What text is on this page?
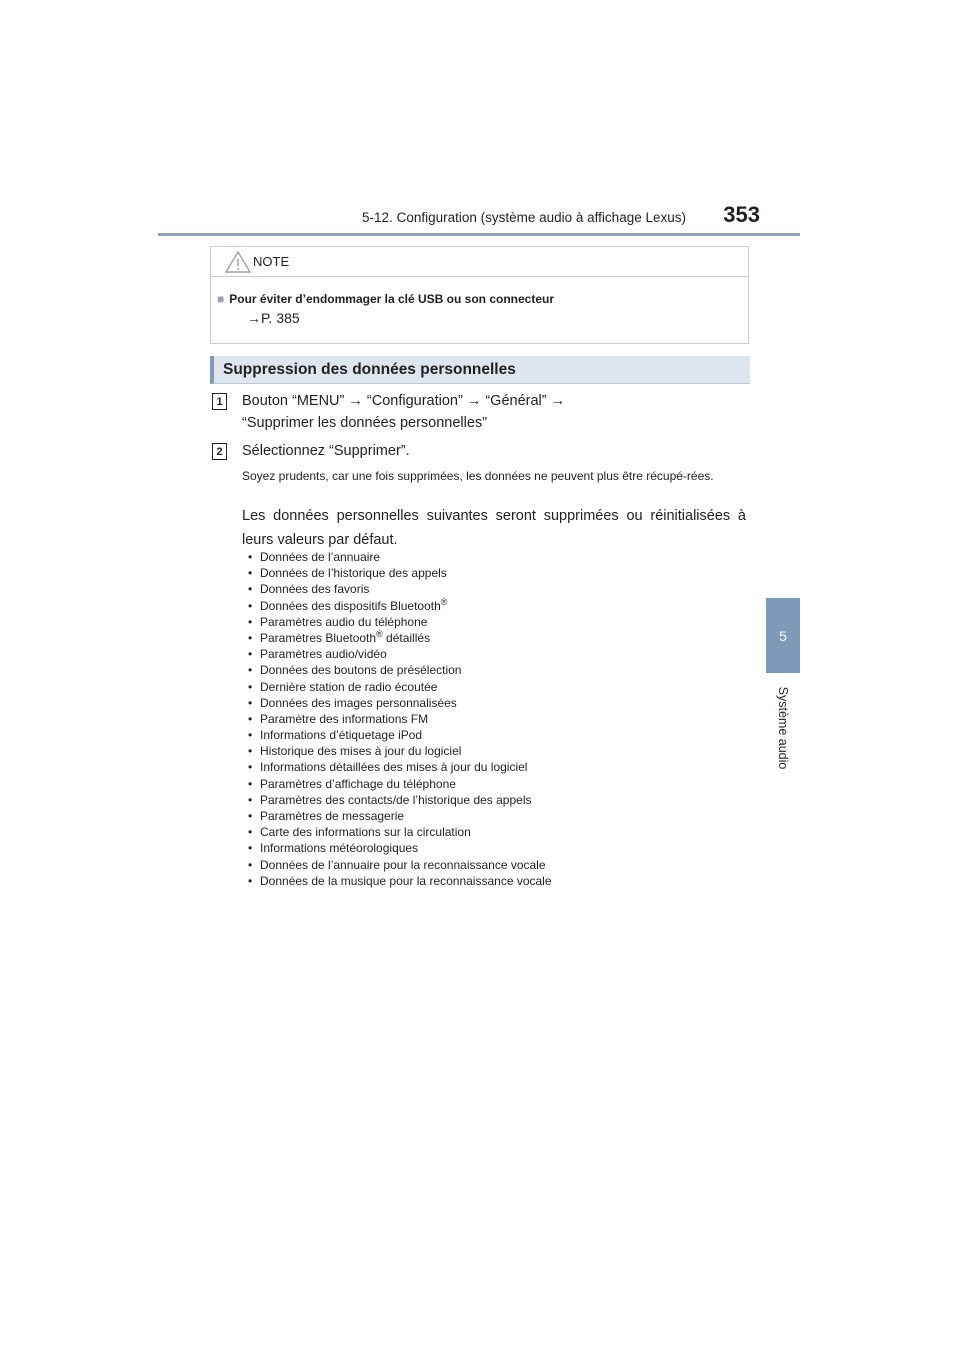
5-12. Configuration (système audio à affichage Lexus)	353
5
Système audio
NOTE
■ Pour éviter d’endommager la clé USB ou son connecteur
→P. 385
Suppression des données personnelles
1	Bouton “MENU” → “Configuration” → “Général” →
“Supprimer les données personnelles”
2	Sélectionnez “Supprimer”.
Soyez prudents, car une fois supprimées, les données ne peuvent plus être récupé-rées.
Les données personnelles suivantes seront supprimées ou réinitialisées à leurs valeurs par défaut.
• Données de l’annuaire
• Données de l’historique des appels
• Données des favoris
• Données des dispositifs Bluetooth®
• Paramètres audio du téléphone
• Paramètres Bluetooth® détaillés
• Paramètres audio/vidéo
• Données des boutons de présélection
• Dernière station de radio écoutée
• Données des images personnalisées
• Paramètre des informations FM
• Informations d’étiquetage iPod
• Historique des mises à jour du logiciel
• Informations détaillées des mises à jour du logiciel
• Paramètres d’affichage du téléphone
• Paramètres des contacts/de l’historique des appels
• Paramètres de messagerie
• Carte des informations sur la circulation
• Informations météorologiques
• Données de l’annuaire pour la reconnaissance vocale
• Données de la musique pour la reconnaissance vocale
